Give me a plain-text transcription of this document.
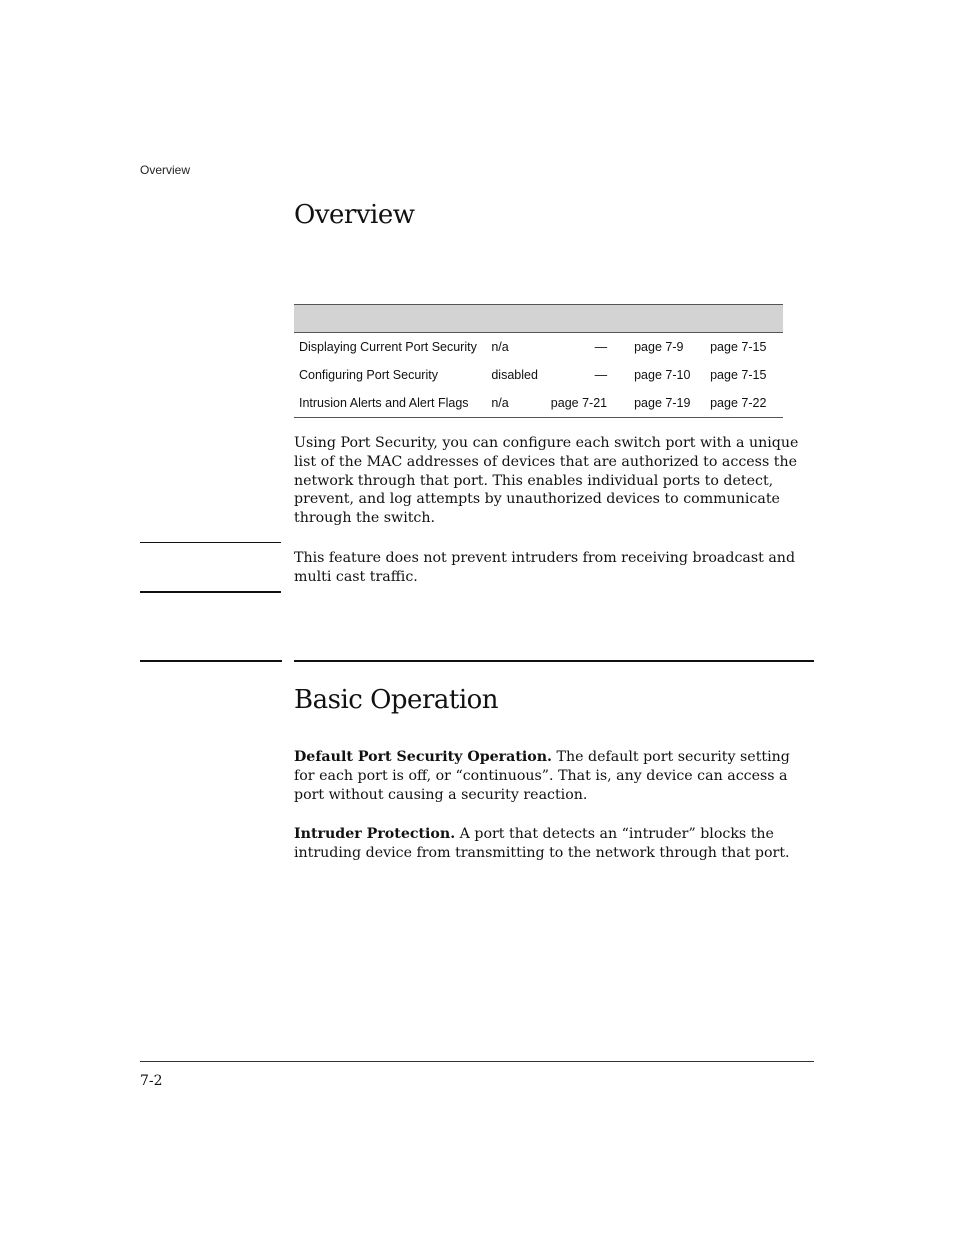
Overview
Overview

Displaying Current Port Security	n/a	—	page 7-9	page 7-15
Configuring Port Security	disabled	—	page 7-10	page 7-15
Intrusion Alerts and Alert Flags	n/a	page 7-21	page 7-19	page 7-22

Using Port Security, you can configure each switch port with a unique list of the MAC addresses of devices that are authorized to access the network through that port. This enables individual ports to detect, prevent, and log attempts by unauthorized devices to communicate through the switch.

This feature does not prevent intruders from receiving broadcast and multi cast traffic.

Basic Operation

Default Port Security Operation. The default port security setting for each port is off, or “continuous”. That is, any device can access a port without causing a security reaction.

Intruder Protection. A port that detects an “intruder” blocks the intruding device from transmitting to the network through that port.

7-2
